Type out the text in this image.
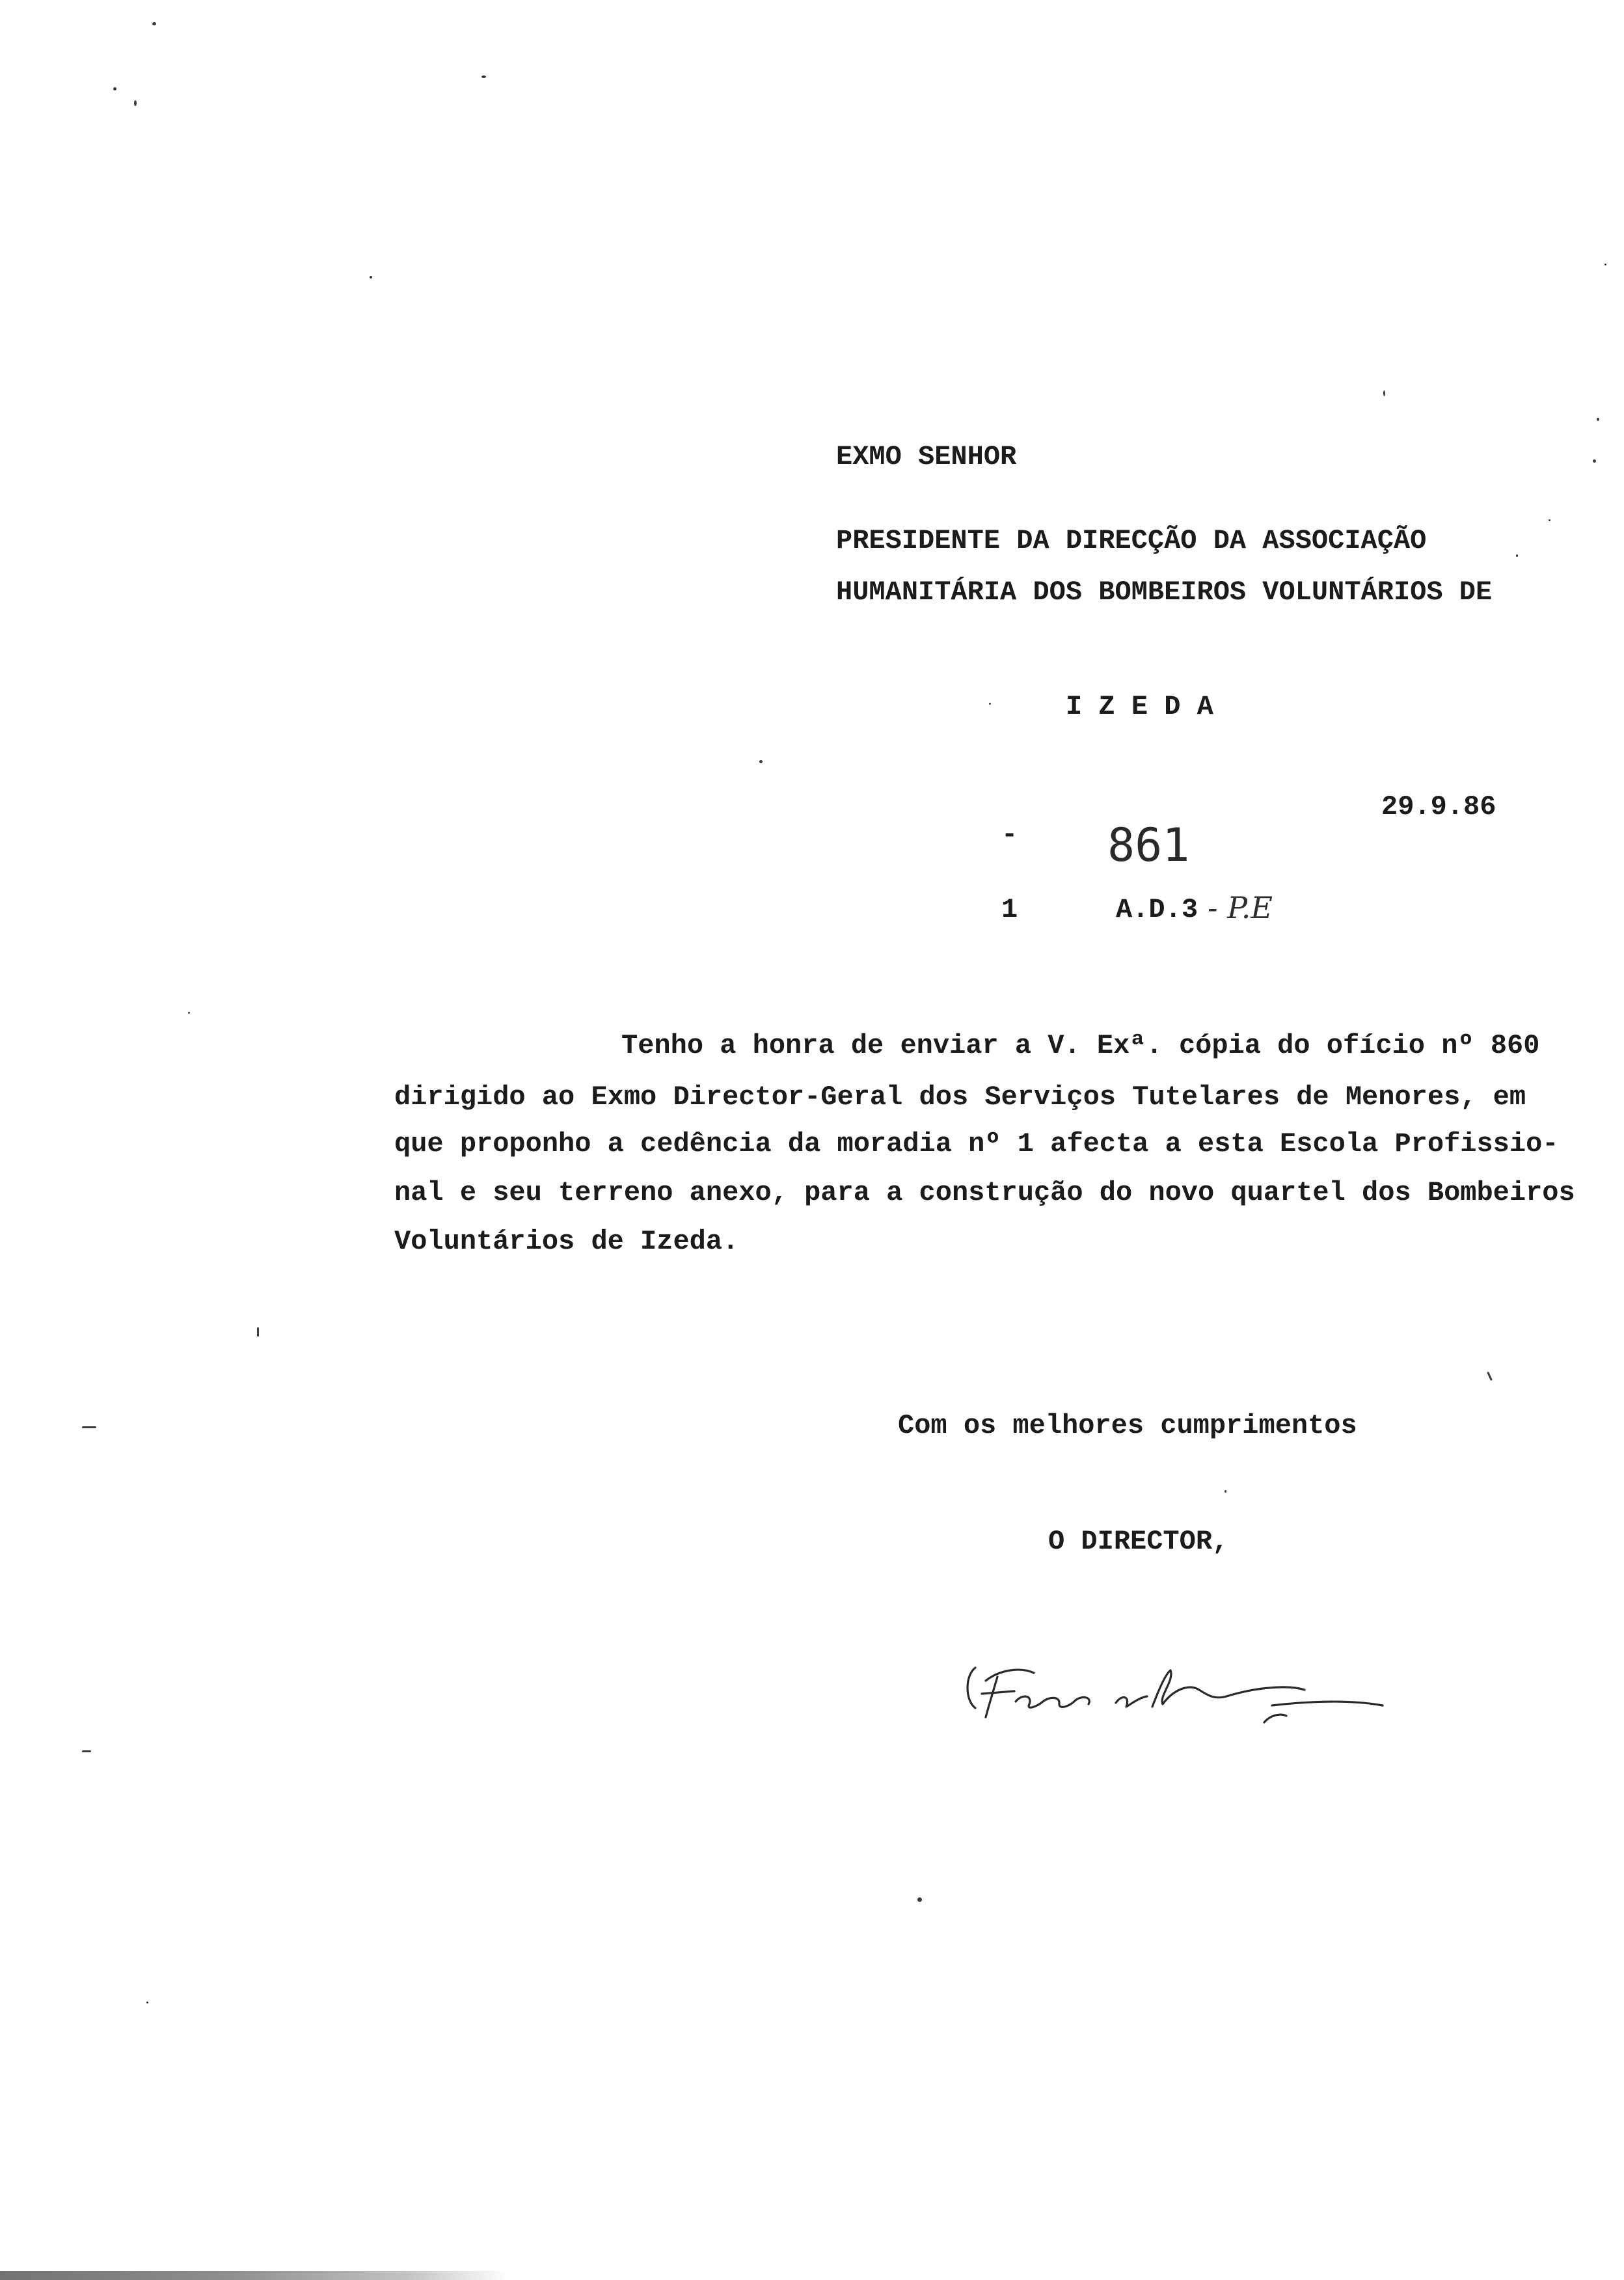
EXMO SENHOR
PRESIDENTE DA DIRECÇÃO DA ASSOCIAÇÃO
HUMANITÁRIA DOS BOMBEIROS VOLUNTÁRIOS DE
I Z E D A
29.9.86
- 861
1	A.D.3 - P.E
Tenho a honra de enviar a V. Exª. cópia do ofício nº 860
dirigido ao Exmo Director-Geral dos Serviços Tutelares de Menores, em
que proponho a cedência da moradia nº 1 afecta a esta Escola Profissio-
nal e seu terreno anexo, para a construção do novo quartel dos Bombeiros
Voluntários de Izeda.
Com os melhores cumprimentos
O DIRECTOR,
